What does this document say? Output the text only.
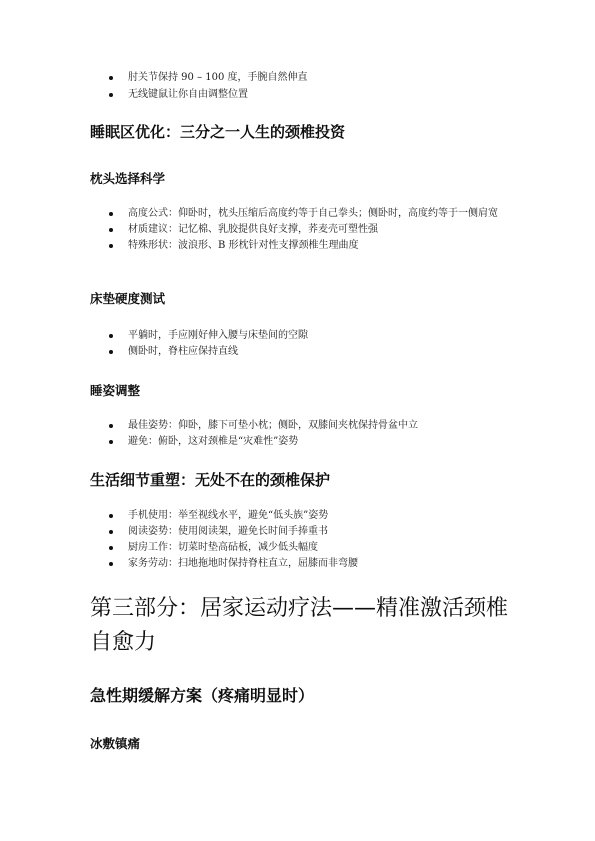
肘关节保持 90 – 100 度，手腕自然伸直
无线键鼠让你自由调整位置
睡眠区优化：三分之一人生的颈椎投资
枕头选择科学
高度公式：仰卧时，枕头压缩后高度约等于自己拳头；侧卧时，高度约等于一侧肩宽
材质建议：记忆棉、乳胶提供良好支撑，荞麦壳可塑性强
特殊形状：波浪形、B 形枕针对性支撑颈椎生理曲度
床垫硬度测试
平躺时，手应刚好伸入腰与床垫间的空隙
侧卧时，脊柱应保持直线
睡姿调整
最佳姿势：仰卧，膝下可垫小枕；侧卧，双膝间夹枕保持骨盆中立
避免：俯卧，这对颈椎是“灾难性”姿势
生活细节重塑：无处不在的颈椎保护
手机使用：举至视线水平，避免“低头族”姿势
阅读姿势：使用阅读架，避免长时间手捧重书
厨房工作：切菜时垫高砧板，减少低头幅度
家务劳动：扫地拖地时保持脊柱直立，屈膝而非弯腰
第三部分：居家运动疗法——精准激活颈椎自愈力
急性期缓解方案（疼痛明显时）
冰敷镇痛
